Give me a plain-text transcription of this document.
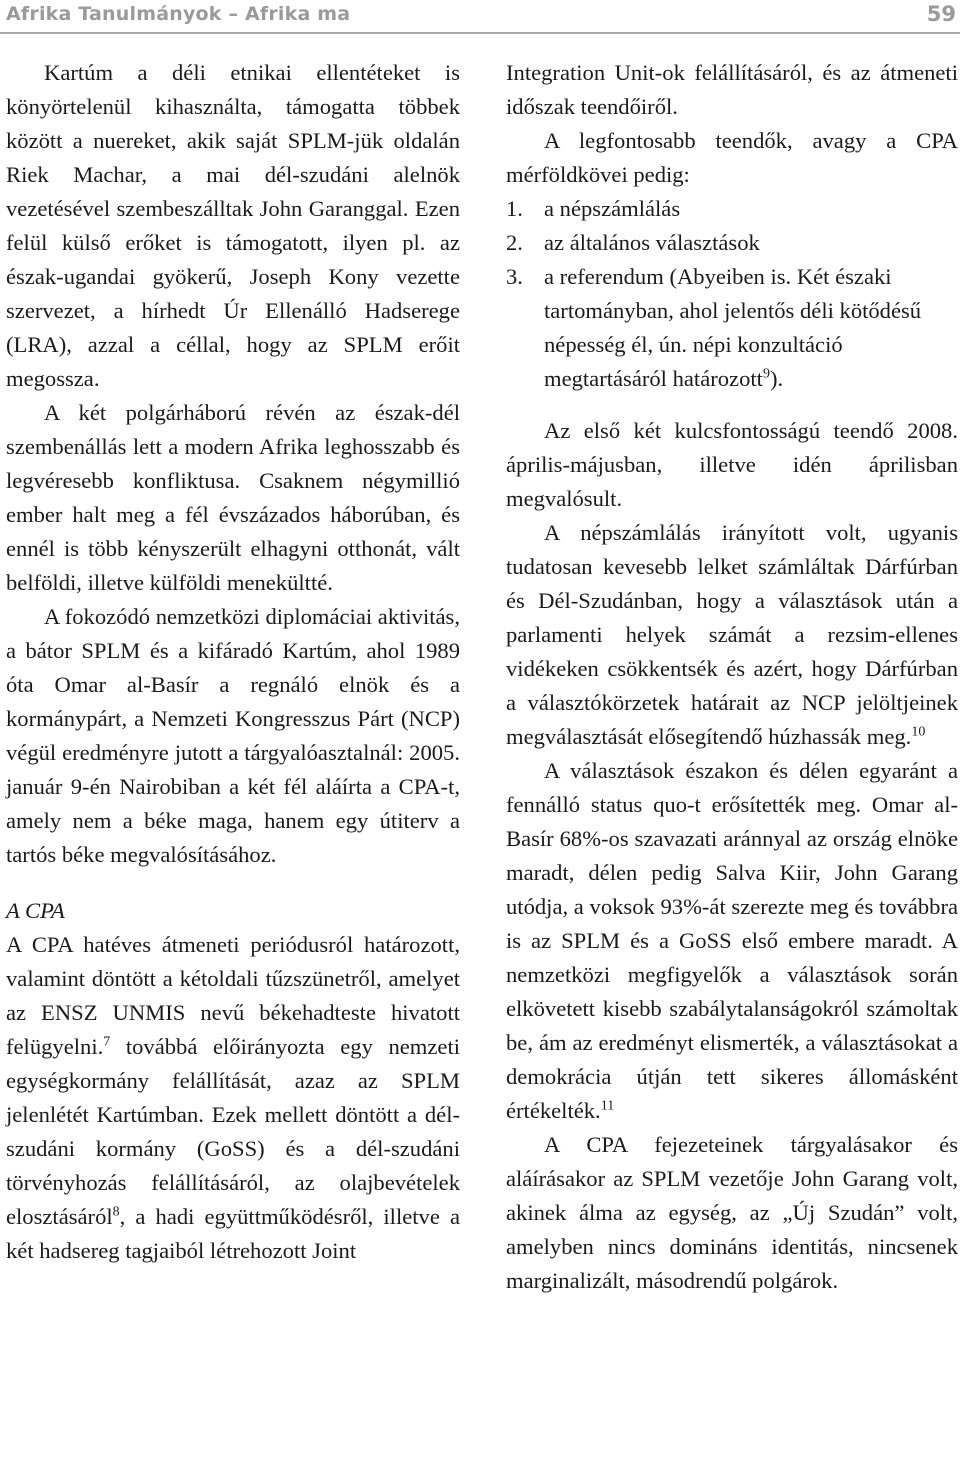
Afrika Tanulmányok – Afrika ma	59

Kartúm a déli etnikai ellentéteket is könyörtelenül kihasználta, támogatta többek között a nuereket, akik saját SPLM-jük oldalán Riek Machar, a mai dél-szudáni alelnök vezetésével szembeszálltak John Garanggal. Ezen felül külső erőket is támogatott, ilyen pl. az észak-ugandai gyökerű, Joseph Kony vezette szervezet, a hírhedt Úr Ellenálló Hadserege (LRA), azzal a céllal, hogy az SPLM erőit megossza.

A két polgárháború révén az észak-dél szembenállás lett a modern Afrika leghosszabb és legvéresebb konfliktusa. Csaknem négymillió ember halt meg a fél évszázados háborúban, és ennél is több kényszerült elhagyni otthonát, vált belföldi, illetve külföldi menekültté.

A fokozódó nemzetközi diplomáciai aktivitás, a bátor SPLM és a kifáradó Kartúm, ahol 1989 óta Omar al-Basír a regnáló elnök és a kormánypárt, a Nemzeti Kongresszus Párt (NCP) végül eredményre jutott a tárgyalóasztalnál: 2005. január 9-én Nairobiban a két fél aláírta a CPA-t, amely nem a béke maga, hanem egy útiterv a tartós béke megvalósításához.

A CPA

A CPA hatéves átmeneti periódusról határozott, valamint döntött a kétoldali tűzszünetről, amelyet az ENSZ UNMIS nevű békehadteste hivatott felügyelni.$^7$ továbbá előirányozta egy nemzeti egységkormány felállítását, azaz az SPLM jelenlétét Kartúmban. Ezek mellett döntött a dél-szudáni kormány (GoSS) és a dél-szudáni törvényhozás felállításáról, az olajbevételek elosztásáról$^8$, a hadi együttműködésről, illetve a két hadsereg tagjaiból létrehozott Joint

Integration Unit-ok felállításáról, és az átmeneti időszak teendőiről.

A legfontosabb teendők, avagy a CPA mérföldkövei pedig:

1. a népszámlálás
2. az általános választások
3. a referendum (Abyeiben is. Két északi tartományban, ahol jelentős déli kötődésű népesség él, ún. népi konzultáció megtartásáról határozott$^9$).

Az első két kulcsfontosságú teendő 2008. április-májusban, illetve idén áprilisban megvalósult.

A népszámlálás irányított volt, ugyanis tudatosan kevesebb lelket számláltak Dárfúrban és Dél-Szudánban, hogy a választások után a parlamenti helyek számát a rezsim-ellenes vidékeken csökkentsék és azért, hogy Dárfúrban a választókörzetek határait az NCP jelöltjeinek megválasztását elősegítendő húzhassák meg.$^{10}$

A választások északon és délen egyaránt a fennálló status quo-t erősítették meg. Omar al-Basír 68%-os szavazati aránnyal az ország elnöke maradt, délen pedig Salva Kiir, John Garang utódja, a voksok 93%-át szerezte meg és továbbra is az SPLM és a GoSS első embere maradt. A nemzetközi megfigyelők a választások során elkövetett kisebb szabálytalanságokról számoltak be, ám az eredményt elismerték, a választásokat a demokrácia útján tett sikeres állomásként értékelték.$^{11}$

A CPA fejezeteinek tárgyalásakor és aláírásakor az SPLM vezetője John Garang volt, akinek álma az egység, az „Új Szudán” volt, amelyben nincs domináns identitás, nincsenek marginalizált, másodrendű polgárok.
